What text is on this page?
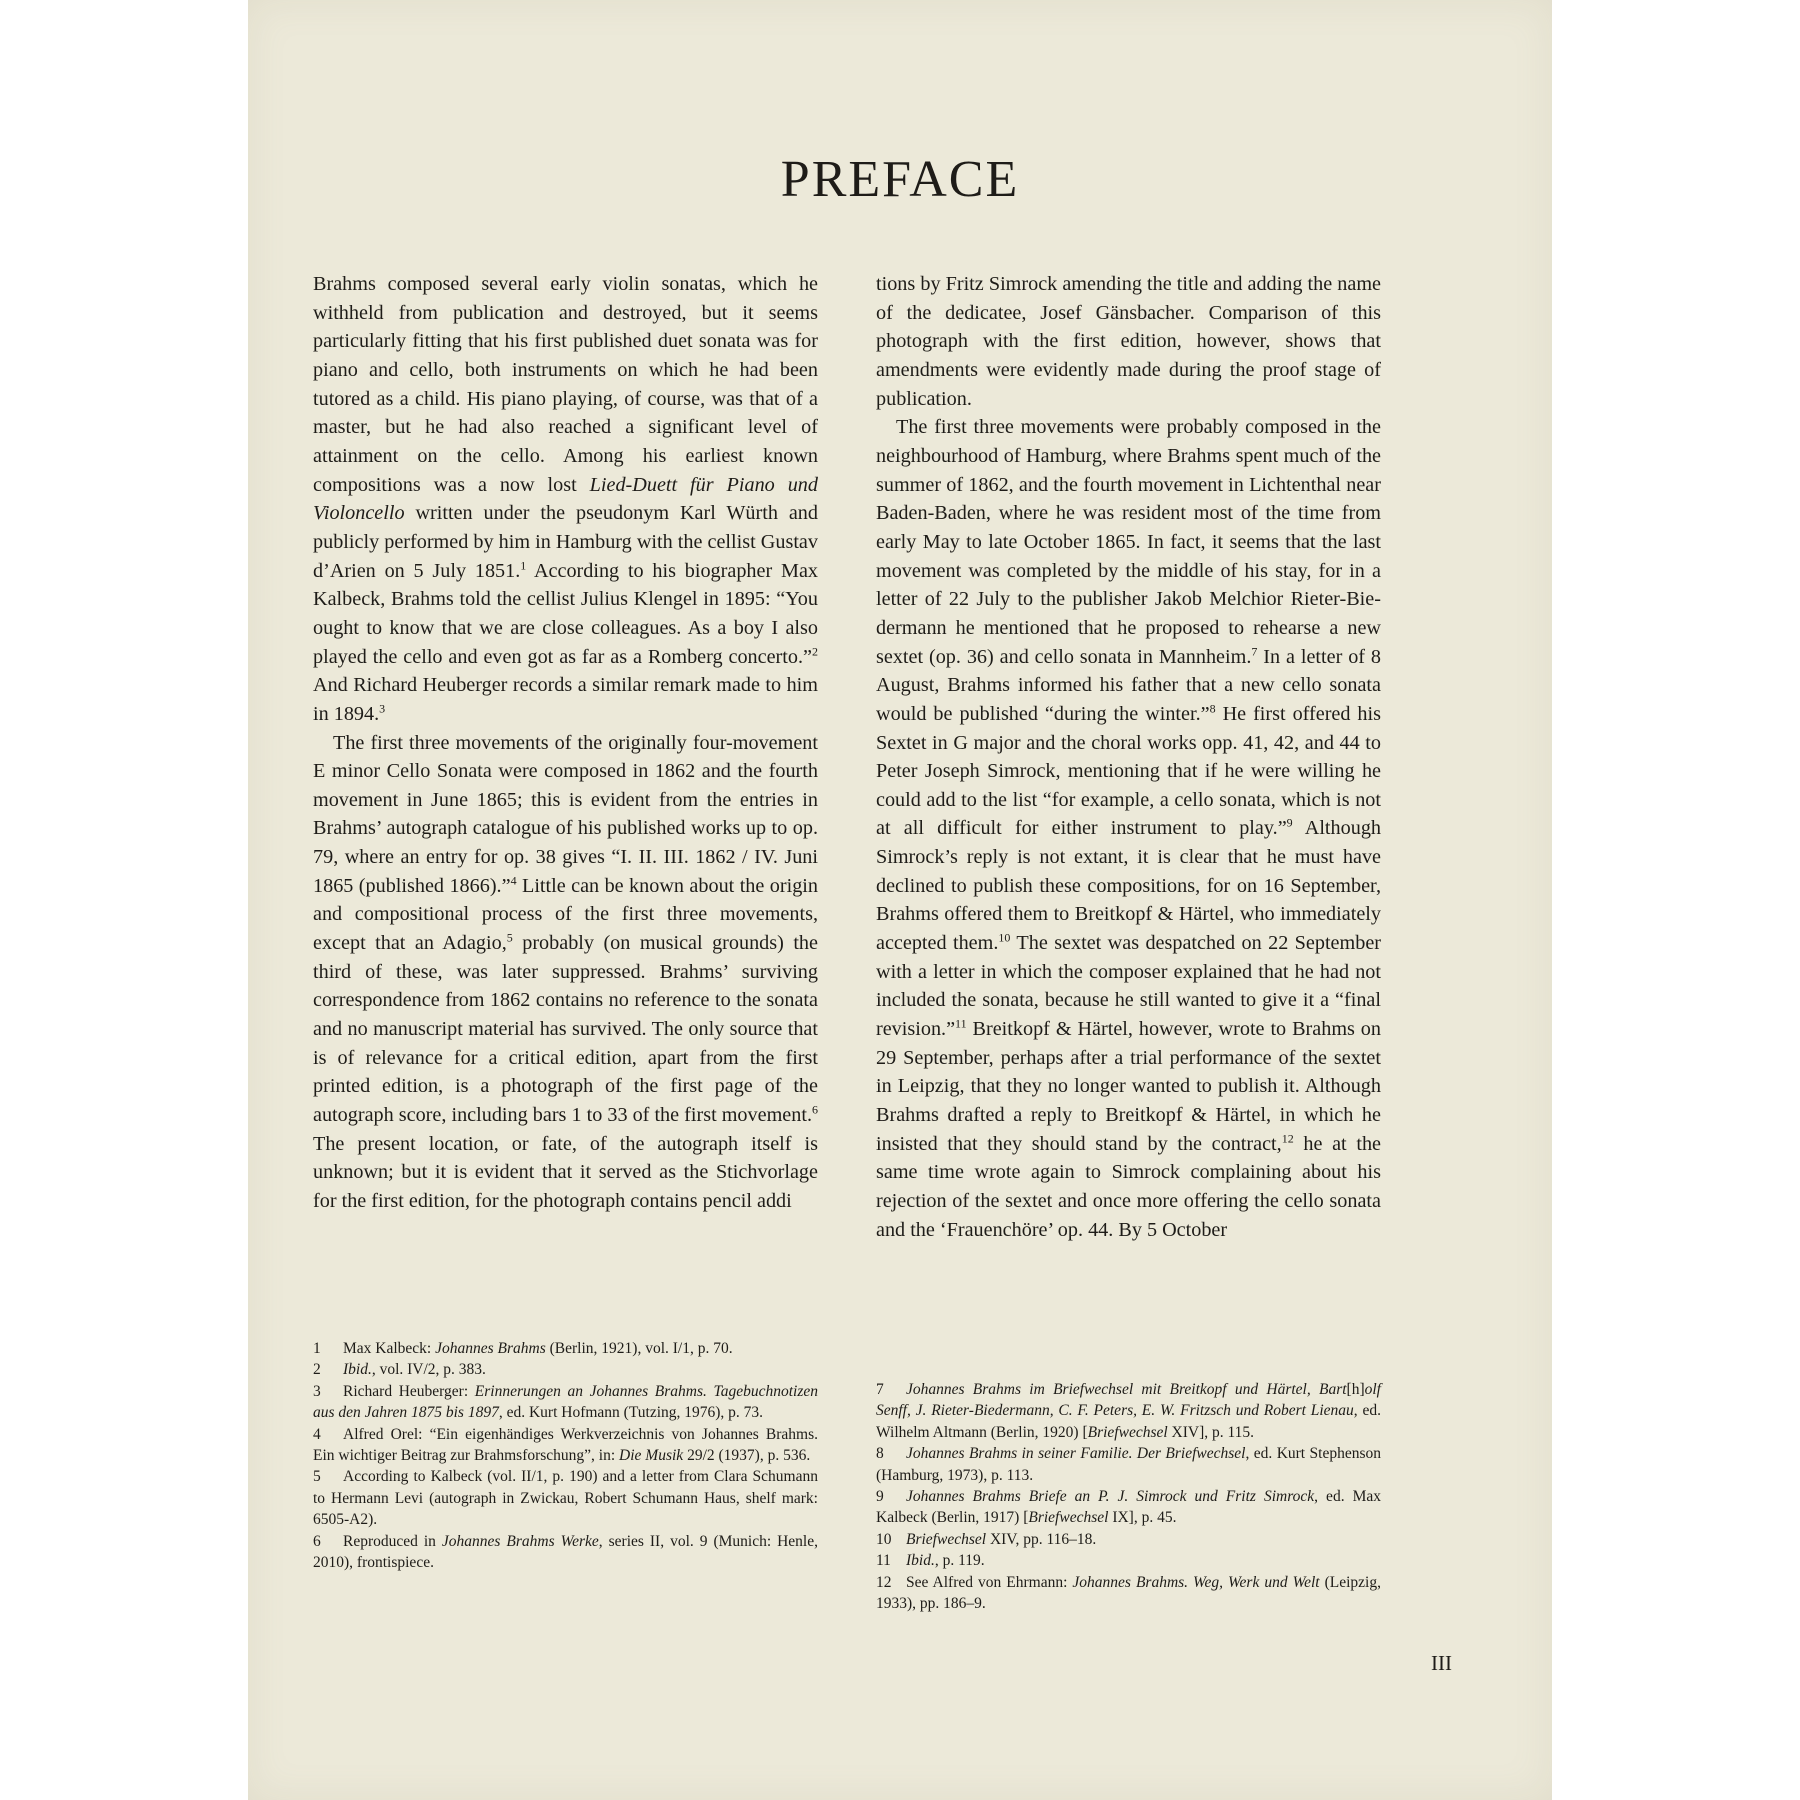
PREFACE

Brahms composed several early violin sonatas, which he withheld from publication and destroyed, but it seems particularly fitting that his first published duet sonata was for piano and cello, both instruments on which he had been tutored as a child. His piano playing, of course, was that of a master, but he had also reached a significant level of attainment on the cello. Among his earliest known compositions was a now lost Lied-Duett für Piano und Violoncello written under the pseudonym Karl Würth and publicly performed by him in Hamburg with the cellist Gustav d’Arien on 5 July 1851.$^1$ According to his biographer Max Kalbeck, Brahms told the cellist Julius Klengel in 1895: “You ought to know that we are close colleagues. As a boy I also played the cello and even got as far as a Romberg concerto.”$^2$ And Richard Heuberger records a similar remark made to him in 1894.$^3$

The first three movements of the originally four-movement E minor Cello Sonata were composed in 1862 and the fourth movement in June 1865; this is evident from the entries in Brahms’ autograph catalogue of his published works up to op. 79, where an entry for op. 38 gives “I. II. III. 1862 / IV. Juni 1865 (published 1866).”$^4$ Little can be known about the origin and compositional process of the first three movements, except that an Adagio,$^5$ probably (on musical grounds) the third of these, was later suppressed. Brahms’ surviving correspondence from 1862 contains no reference to the sonata and no manuscript material has survived. The only source that is of relevance for a critical edition, apart from the first printed edition, is a photograph of the first page of the autograph score, including bars 1 to 33 of the first movement.$^6$ The present location, or fate, of the autograph itself is unknown; but it is evident that it served as the Stichvorlage for the first edition, for the photograph contains pencil addi

tions by Fritz Simrock amending the title and adding the name of the dedicatee, Josef Gänsbacher. Comparison of this photograph with the first edition, however, shows that amendments were evidently made during the proof stage of publication.

The first three movements were probably composed in the neighbourhood of Hamburg, where Brahms spent much of the summer of 1862, and the fourth movement in Lichtenthal near Baden-Baden, where he was resident most of the time from early May to late October 1865. In fact, it seems that the last movement was completed by the middle of his stay, for in a letter of 22 July to the publisher Jakob Melchior Rieter-Biedermann he mentioned that he proposed to rehearse a new sextet (op. 36) and cello sonata in Mannheim.$^7$ In a letter of 8 August, Brahms informed his father that a new cello sonata would be published “during the winter.”$^8$ He first offered his Sextet in G major and the choral works opp. 41, 42, and 44 to Peter Joseph Simrock, mentioning that if he were willing he could add to the list “for example, a cello sonata, which is not at all difficult for either instrument to play.”$^9$ Although Simrock’s reply is not extant, it is clear that he must have declined to publish these compositions, for on 16 September, Brahms offered them to Breitkopf & Härtel, who immediately accepted them.$^{10}$ The sextet was despatched on 22 September with a letter in which the composer explained that he had not included the sonata, because he still wanted to give it a “final revision.”$^{11}$ Breitkopf & Härtel, however, wrote to Brahms on 29 September, perhaps after a trial performance of the sextet in Leipzig, that they no longer wanted to publish it. Although Brahms drafted a reply to Breitkopf & Härtel, in which he insisted that they should stand by the contract,$^{12}$ he at the same time wrote again to Simrock complaining about his rejection of the sextet and once more offering the cello sonata and the ‘Frauenchöre’ op. 44. By 5 October

1 Max Kalbeck: Johannes Brahms (Berlin, 1921), vol. I/1, p. 70.

2 Ibid., vol. IV/2, p. 383.

3 Richard Heuberger: Erinnerungen an Johannes Brahms. Tagebuchnotizen aus den Jahren 1875 bis 1897, ed. Kurt Hofmann (Tutzing, 1976), p. 73.

4 Alfred Orel: “Ein eigenhändiges Werkverzeichnis von Johannes Brahms. Ein wichtiger Beitrag zur Brahmsforschung”, in: Die Musik 29/2 (1937), p. 536.

5 According to Kalbeck (vol. II/1, p. 190) and a letter from Clara Schumann to Hermann Levi (autograph in Zwickau, Robert Schumann Haus, shelf mark: 6505-A2).

6 Reproduced in Johannes Brahms Werke, series II, vol. 9 (Munich: Henle, 2010), frontispiece.

7 Johannes Brahms im Briefwechsel mit Breitkopf und Härtel, Bart[h]olf Senff, J. Rieter-Biedermann, C. F. Peters, E. W. Fritzsch und Robert Lienau, ed. Wilhelm Altmann (Berlin, 1920) [Briefwechsel XIV], p. 115.

8 Johannes Brahms in seiner Familie. Der Briefwechsel, ed. Kurt Stephenson (Hamburg, 1973), p. 113.

9 Johannes Brahms Briefe an P. J. Simrock und Fritz Simrock, ed. Max Kalbeck (Berlin, 1917) [Briefwechsel IX], p. 45.

10 Briefwechsel XIV, pp. 116–18.

11 Ibid., p. 119.

12 See Alfred von Ehrmann: Johannes Brahms. Weg, Werk und Welt (Leipzig, 1933), pp. 186–9.

III
